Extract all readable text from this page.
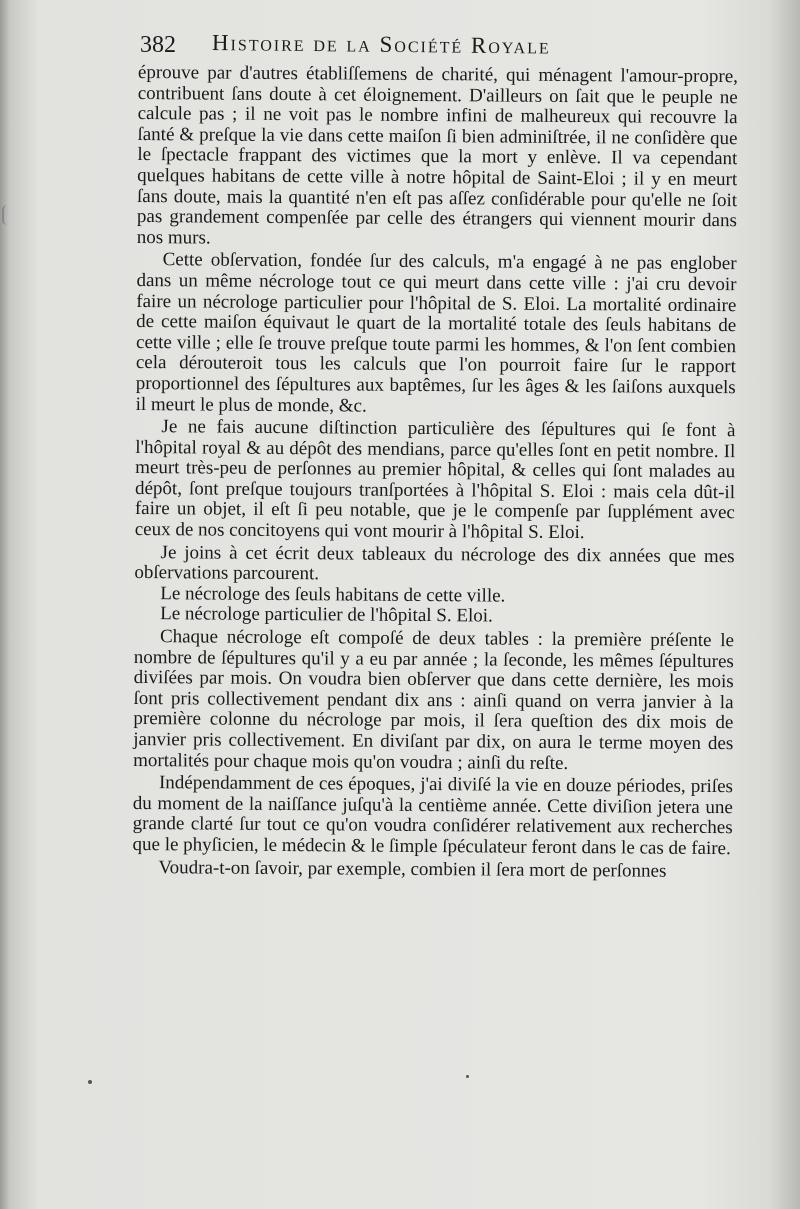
382 Histoire de la Société Royale

éprouve par d'autres établiſſemens de charité, qui ménagent l'amour-propre, contribuent ſans doute à cet éloignement. D'ailleurs on ſait que le peuple ne calcule pas ; il ne voit pas le nombre infini de malheureux qui recouvre la ſanté & preſque la vie dans cette maiſon ſi bien adminiſtrée, il ne conſidère que le ſpectacle frappant des victimes que la mort y enlève. Il va cependant quelques habitans de cette ville à notre hôpital de Saint-Eloi ; il y en meurt ſans doute, mais la quantité n'en eſt pas aſſez conſidérable pour qu'elle ne ſoit pas grandement compenſée par celle des étrangers qui viennent mourir dans nos murs.

Cette obſervation, fondée ſur des calculs, m'a engagé à ne pas englober dans un même nécrologe tout ce qui meurt dans cette ville : j'ai cru devoir faire un nécrologe particulier pour l'hôpital de S. Eloi. La mortalité ordinaire de cette maiſon équivaut le quart de la mortalité totale des ſeuls habitans de cette ville ; elle ſe trouve preſque toute parmi les hommes, & l'on ſent combien cela dérouteroit tous les calculs que l'on pourroit faire ſur le rapport proportionnel des ſépultures aux baptêmes, ſur les âges & les ſaiſons auxquels il meurt le plus de monde, &c.

Je ne fais aucune diſtinction particulière des ſépultures qui ſe font à l'hôpital royal & au dépôt des mendians, parce qu'elles ſont en petit nombre. Il meurt très-peu de perſonnes au premier hôpital, & celles qui ſont malades au dépôt, ſont preſque toujours tranſportées à l'hôpital S. Eloi : mais cela dût-il faire un objet, il eſt ſi peu notable, que je le compenſe par ſupplément avec ceux de nos concitoyens qui vont mourir à l'hôpital S. Eloi.

Je joins à cet écrit deux tableaux du nécrologe des dix années que mes obſervations parcourent.

Le nécrologe des ſeuls habitans de cette ville.

Le nécrologe particulier de l'hôpital S. Eloi.

Chaque nécrologe eſt compoſé de deux tables : la première préſente le nombre de ſépultures qu'il y a eu par année ; la ſeconde, les mêmes ſépultures diviſées par mois. On voudra bien obſerver que dans cette dernière, les mois ſont pris collectivement pendant dix ans : ainſi quand on verra janvier à la première colonne du nécrologe par mois, il ſera queſtion des dix mois de janvier pris collectivement. En diviſant par dix, on aura le terme moyen des mortalités pour chaque mois qu'on voudra ; ainſi du reſte.

Indépendamment de ces époques, j'ai diviſé la vie en douze périodes, priſes du moment de la naiſſance juſqu'à la centième année. Cette diviſion jetera une grande clarté ſur tout ce qu'on voudra conſidérer relativement aux recherches que le phyſicien, le médecin & le ſimple ſpéculateur feront dans le cas de faire.

Voudra-t-on ſavoir, par exemple, combien il ſera mort de perſonnes
